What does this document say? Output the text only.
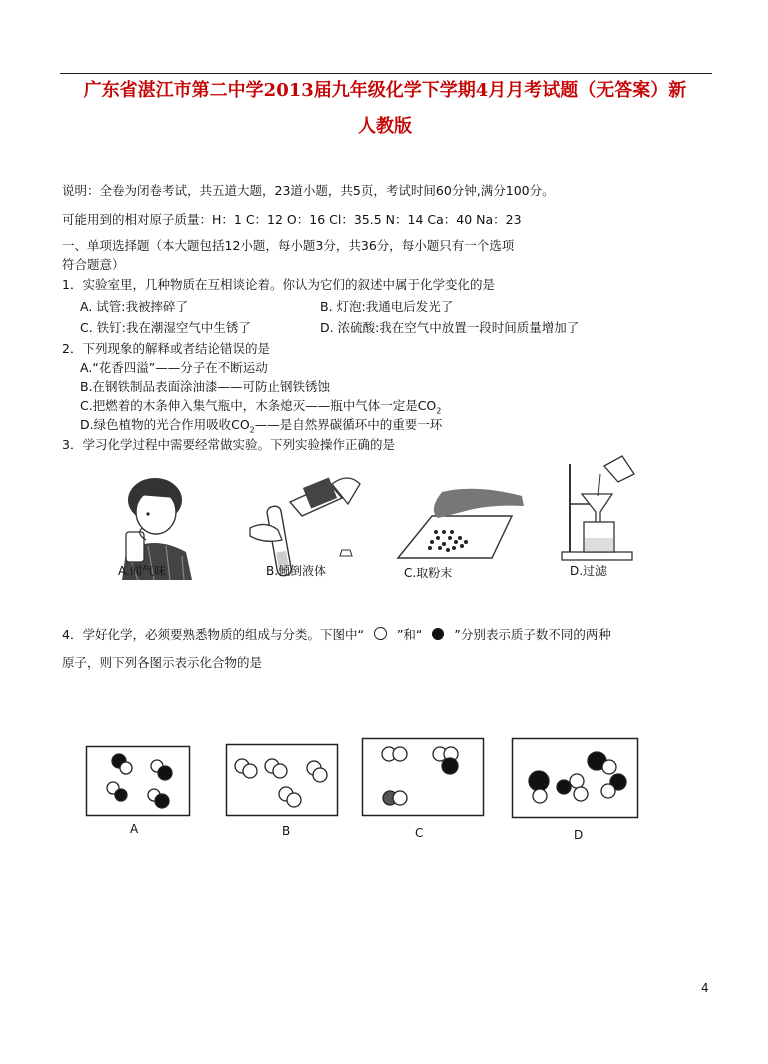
广东省湛江市第二中学2013届九年级化学下学期4月月考试题（无答案）新
人教版
说明：全卷为闭卷考试，共五道大题，23道小题，共5页，考试时间60分钟,满分100分。
可能用到的相对原子质量：H：1 C：12 O：16 Cl：35.5 N：14 Ca：40 Na：23
一、单项选择题（本大题包括12小题，每小题3分，共36分，每小题只有一个选项
符合题意）
1．实验室里，几种物质在互相谈论着。你认为它们的叙述中属于化学变化的是
A. 试管:我被摔碎了	B. 灯泡:我通电后发光了
C. 铁钉:我在潮湿空气中生锈了	D. 浓硫酸:我在空气中放置一段时间质量增加了
2．下列现象的解释或者结论错误的是
A.“花香四溢”——分子在不断运动
B.在钢铁制品表面涂油漆——可防止钢铁锈蚀
C.把燃着的木条伸入集气瓶中，木条熄灭——瓶中气体一定是$CO_2$
D.绿色植物的光合作用吸收$CO_2——$是自然界碳循环中的重要一环
3．学习化学过程中需要经常做实验。下列实验操作正确的是
A.闻气味	B.倾倒液体	C.取粉末	D.过滤
4．学好化学，必须要熟悉物质的组成与分类。下图中“	”和“	”分别表示质子数不同的两种
原子，则下列各图示表示化合物的是
A	B	C	D
4
